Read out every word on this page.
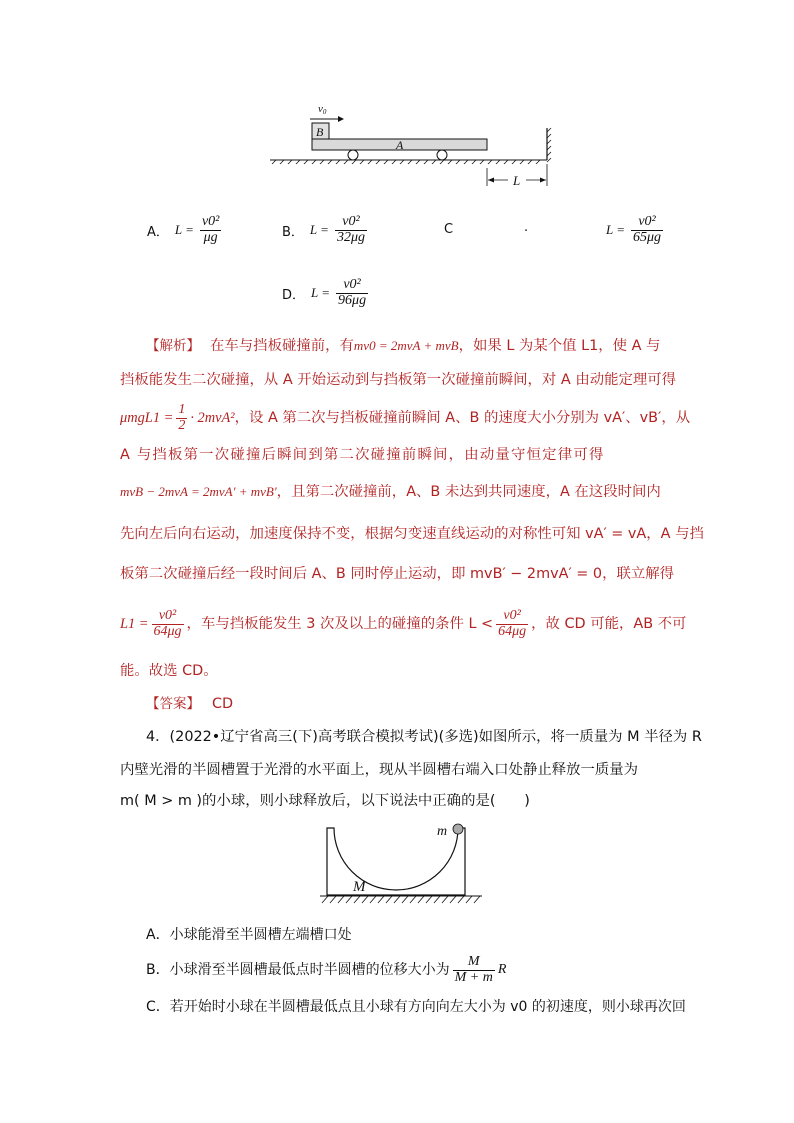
v0
B
A
L
A． $L = \frac{\text{v0²}}{\mu g}$	B． $L = \frac{\text{v0²}}{32\mu g}$	C	.	$L = \frac{\text{v0²}}{65\mu g}$
D． $L = \frac{\text{v0²}}{96\mu g}$
【解析】 在车与挡板碰撞前，有mv0 = 2mvA + mvB，如果 L 为某个值 L1，使 A 与
挡板能发生二次碰撞，从 A 开始运动到与挡板第一次碰撞前瞬间，对 A 由动能定理可得
$\mu mgL1 = \frac{1}{2} \cdot 2mvA^2$ ，设 A 第二次与挡板碰撞前瞬间 A、B 的速度大小分别为 vA′、vB′，从
A 与挡板第一次碰撞后瞬间到第二次碰撞前瞬间，由动量守恒定律可得
mvB − 2mvA = 2mvA′ + mvB′，且第二次碰撞前，A、B 未达到共同速度，A 在这段时间内
先向左后向右运动，加速度保持不变，根据匀变速直线运动的对称性可知 vA′ = vA，A 与挡
板第二次碰撞后经一段时间后 A、B 同时停止运动，即 mvB′ − 2mvA′ = 0，联立解得
$L1 = \frac{\text{v0²}}{64\mu g}$ ，车与挡板能发生 3 次及以上的碰撞的条件 $L < \frac{\text{v0²}}{64\mu g}$ ，故 CD 可能，AB 不可
能。故选 CD。
【答案】 CD
4．(2022•辽宁省高三(下)高考联合模拟考试)(多选)如图所示，将一质量为 M 半径为 R
内壁光滑的半圆槽置于光滑的水平面上，现从半圆槽右端入口处静止释放一质量为
m( M > m )的小球，则小球释放后，以下说法中正确的是(　　)
m
M
A．小球能滑至半圆槽左端槽口处
B．小球滑至半圆槽最低点时半圆槽的位移大小为 $\frac{M}{M + m}$ R
C．若开始时小球在半圆槽最低点且小球有方向向左大小为 v0 的初速度，则小球再次回
